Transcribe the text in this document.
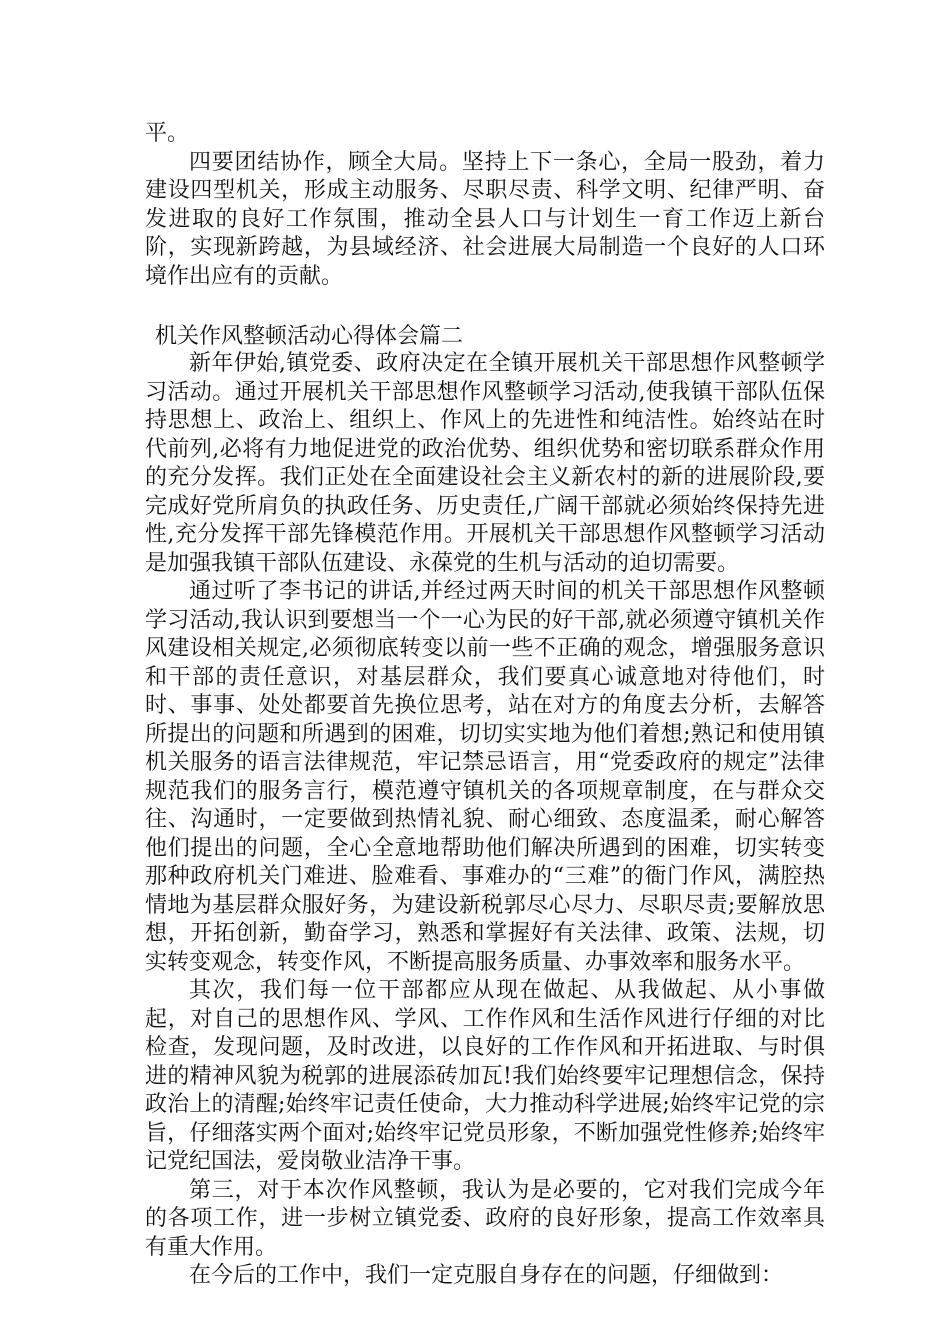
平。

四要团结协作，顾全大局。坚持上下一条心，全局一股劲，着力建设四型机关，形成主动服务、尽职尽责、科学文明、纪律严明、奋发进取的良好工作氛围，推动全县人口与计划生一育工作迈上新台阶，实现新跨越，为县域经济、社会进展大局制造一个良好的人口环境作出应有的贡献。

机关作风整顿活动心得体会篇二

新年伊始,镇党委、政府决定在全镇开展机关干部思想作风整顿学习活动。通过开展机关干部思想作风整顿学习活动,使我镇干部队伍保持思想上、政治上、组织上、作风上的先进性和纯洁性。始终站在时代前列,必将有力地促进党的政治优势、组织优势和密切联系群众作用的充分发挥。我们正处在全面建设社会主义新农村的新的进展阶段,要完成好党所肩负的执政任务、历史责任,广阔干部就必须始终保持先进性,充分发挥干部先锋模范作用。开展机关干部思想作风整顿学习活动是加强我镇干部队伍建设、永葆党的生机与活动的迫切需要。

通过听了李书记的讲话,并经过两天时间的机关干部思想作风整顿学习活动,我认识到要想当一个一心为民的好干部,就必须遵守镇机关作风建设相关规定,必须彻底转变以前一些不正确的观念，增强服务意识和干部的责任意识，对基层群众，我们要真心诚意地对待他们，时时、事事、处处都要首先换位思考，站在对方的角度去分析，去解答所提出的问题和所遇到的困难，切切实实地为他们着想;熟记和使用镇机关服务的语言法律规范，牢记禁忌语言，用“党委政府的规定”法律规范我们的服务言行，模范遵守镇机关的各项规章制度，在与群众交往、沟通时，一定要做到热情礼貌、耐心细致、态度温柔，耐心解答他们提出的问题，全心全意地帮助他们解决所遇到的困难，切实转变那种政府机关门难进、脸难看、事难办的“三难”的衙门作风，满腔热情地为基层群众服好务，为建设新税郭尽心尽力、尽职尽责;要解放思想，开拓创新，勤奋学习，熟悉和掌握好有关法律、政策、法规，切实转变观念，转变作风，不断提高服务质量、办事效率和服务水平。

其次，我们每一位干部都应从现在做起、从我做起、从小事做起，对自己的思想作风、学风、工作作风和生活作风进行仔细的对比检查，发现问题，及时改进，以良好的工作作风和开拓进取、与时俱进的精神风貌为税郭的进展添砖加瓦!我们始终要牢记理想信念，保持政治上的清醒;始终牢记责任使命，大力推动科学进展;始终牢记党的宗旨，仔细落实两个面对;始终牢记党员形象，不断加强党性修养;始终牢记党纪国法，爱岗敬业洁净干事。

第三，对于本次作风整顿，我认为是必要的，它对我们完成今年的各项工作，进一步树立镇党委、政府的良好形象，提高工作效率具有重大作用。

在今后的工作中，我们一定克服自身存在的问题，仔细做到：
